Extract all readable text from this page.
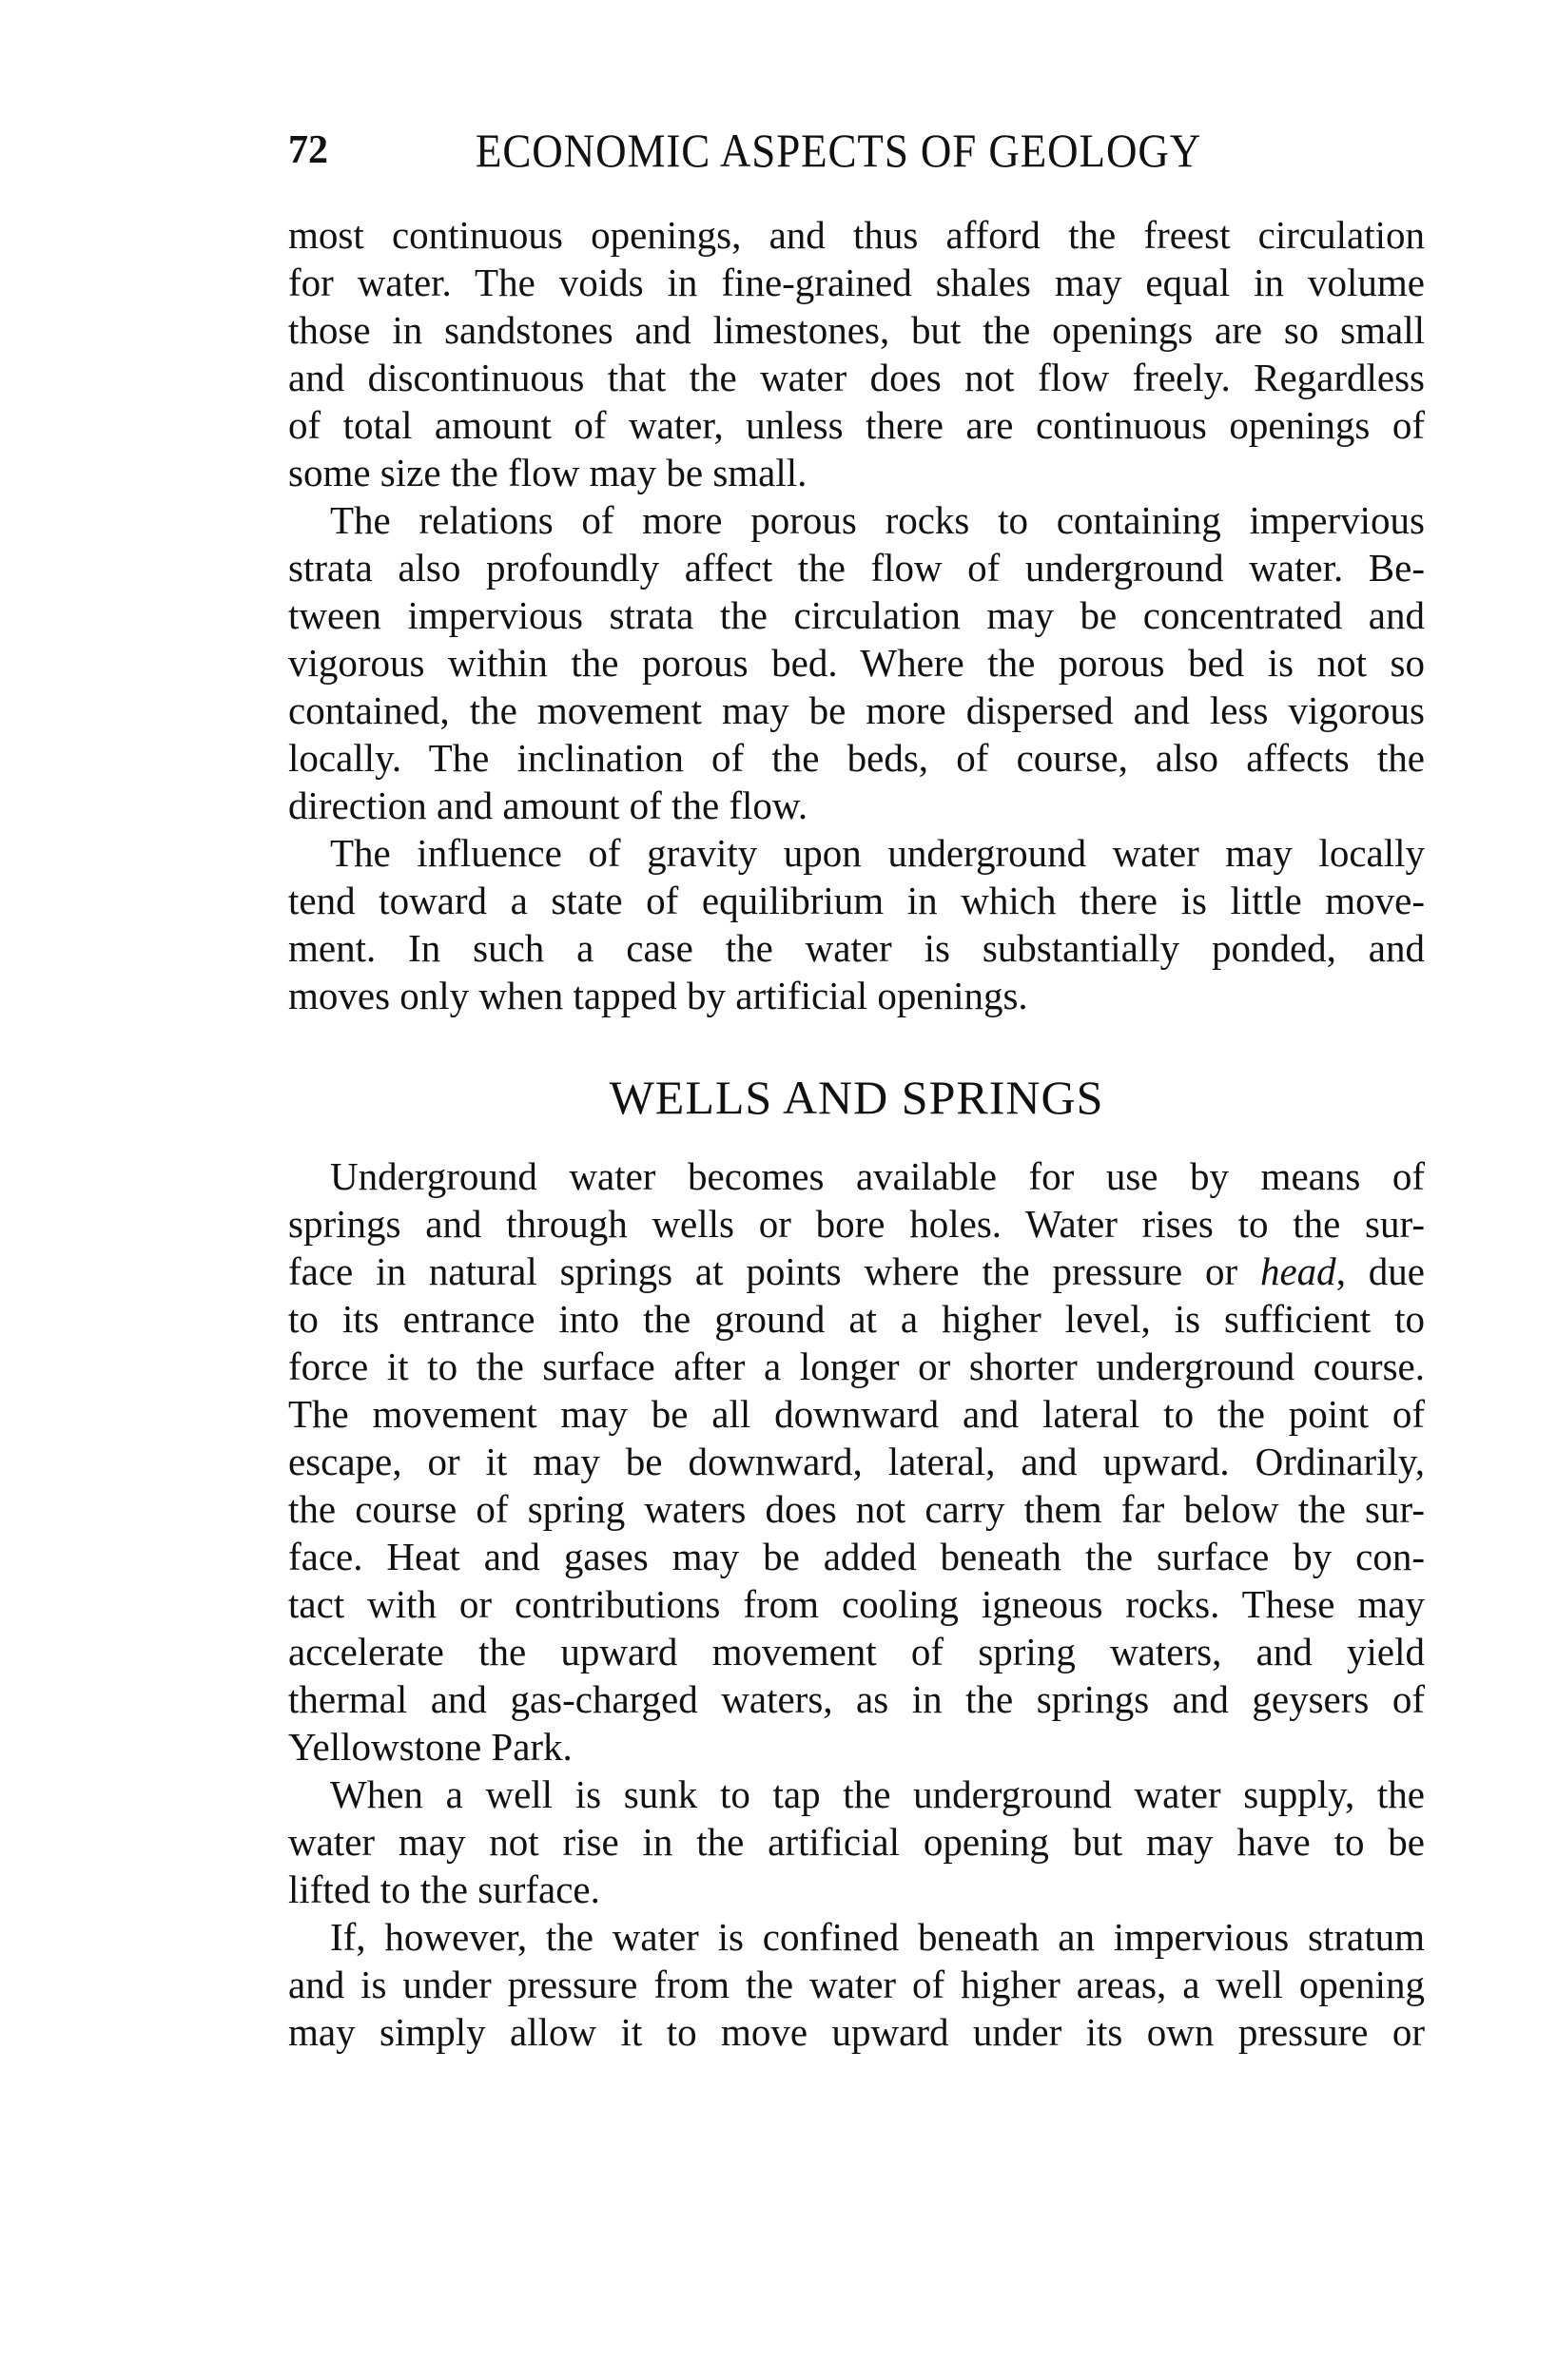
72	ECONOMIC ASPECTS OF GEOLOGY
most continuous openings, and thus afford the freest circulation
for water. The voids in fine-grained shales may equal in volume
those in sandstones and limestones, but the openings are so small
and discontinuous that the water does not flow freely. Regardless
of total amount of water, unless there are continuous openings of
some size the flow may be small.
The relations of more porous rocks to containing impervious
strata also profoundly affect the flow of underground water. Be-
tween impervious strata the circulation may be concentrated and
vigorous within the porous bed. Where the porous bed is not so
contained, the movement may be more dispersed and less vigorous
locally. The inclination of the beds, of course, also affects the
direction and amount of the flow.
The influence of gravity upon underground water may locally
tend toward a state of equilibrium in which there is little move-
ment. In such a case the water is substantially ponded, and
moves only when tapped by artificial openings.
WELLS AND SPRINGS
Underground water becomes available for use by means of
springs and through wells or bore holes. Water rises to the sur-
face in natural springs at points where the pressure or head, due
to its entrance into the ground at a higher level, is sufficient to
force it to the surface after a longer or shorter underground course.
The movement may be all downward and lateral to the point of
escape, or it may be downward, lateral, and upward. Ordinarily,
the course of spring waters does not carry them far below the sur-
face. Heat and gases may be added beneath the surface by con-
tact with or contributions from cooling igneous rocks. These may
accelerate the upward movement of spring waters, and yield
thermal and gas-charged waters, as in the springs and geysers of
Yellowstone Park.
When a well is sunk to tap the underground water supply, the
water may not rise in the artificial opening but may have to be
lifted to the surface.
If, however, the water is confined beneath an impervious stratum
and is under pressure from the water of higher areas, a well opening
may simply allow it to move upward under its own pressure or
